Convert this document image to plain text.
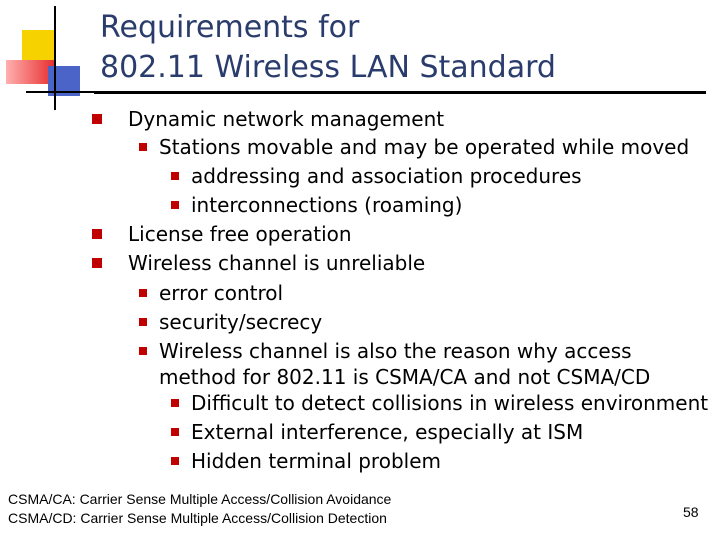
Requirements for
802.11 Wireless LAN Standard
Dynamic network management
Stations movable and may be operated while moved
addressing and association procedures
interconnections (roaming)
License free operation
Wireless channel is unreliable
error control
security/secrecy
Wireless channel is also the reason why access method for 802.11 is CSMA/CA and not CSMA/CD
Difficult to detect collisions in wireless environment
External interference, especially at ISM
Hidden terminal problem
CSMA/CA: Carrier Sense Multiple Access/Collision Avoidance
CSMA/CD: Carrier Sense Multiple Access/Collision Detection	58
